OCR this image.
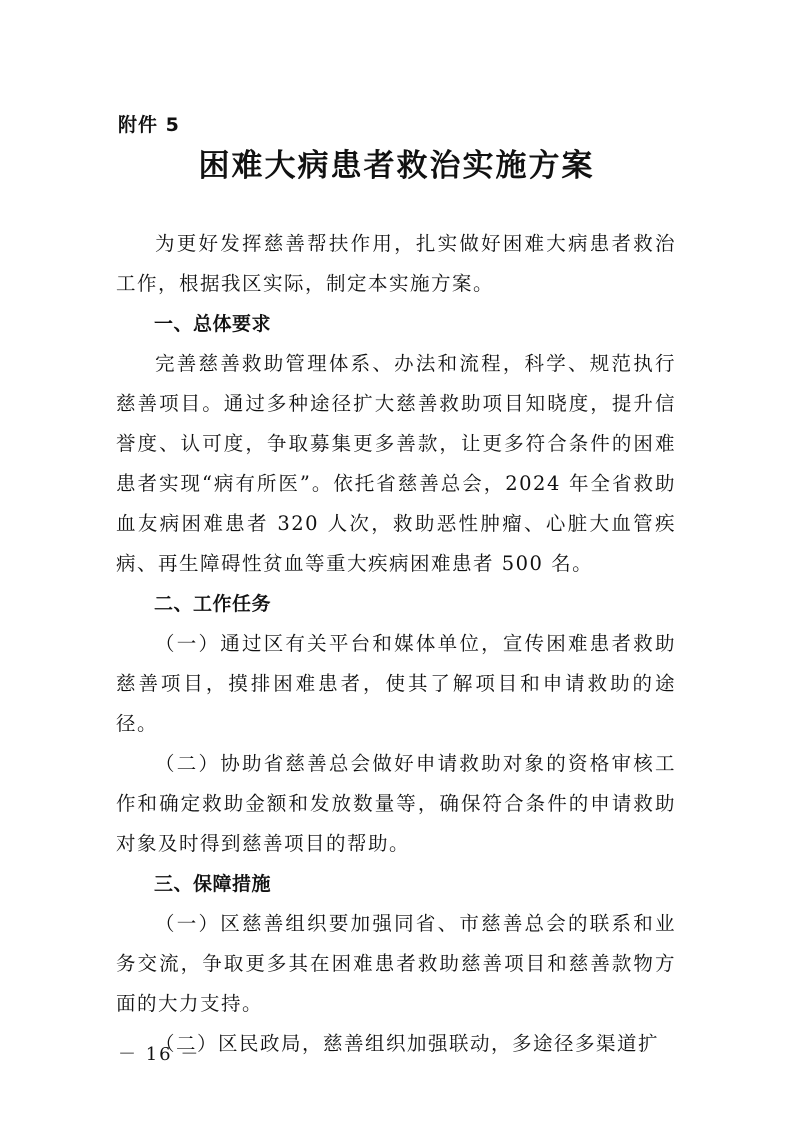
附件 5
困难大病患者救治实施方案

为更好发挥慈善帮扶作用，扎实做好困难大病患者救治工作，根据我区实际，制定本实施方案。

一、总体要求

完善慈善救助管理体系、办法和流程，科学、规范执行慈善项目。通过多种途径扩大慈善救助项目知晓度，提升信誉度、认可度，争取募集更多善款，让更多符合条件的困难患者实现“病有所医”。依托省慈善总会，2024 年全省救助血友病困难患者 320 人次，救助恶性肿瘤、心脏大血管疾病、再生障碍性贫血等重大疾病困难患者 500 名。

二、工作任务

（一）通过区有关平台和媒体单位，宣传困难患者救助慈善项目，摸排困难患者，使其了解项目和申请救助的途径。

（二）协助省慈善总会做好申请救助对象的资格审核工作和确定救助金额和发放数量等，确保符合条件的申请救助对象及时得到慈善项目的帮助。

三、保障措施

（一）区慈善组织要加强同省、市慈善总会的联系和业务交流，争取更多其在困难患者救助慈善项目和慈善款物方面的大力支持。

（二）区民政局，慈善组织加强联动，多途径多渠道扩

－ 16 －
